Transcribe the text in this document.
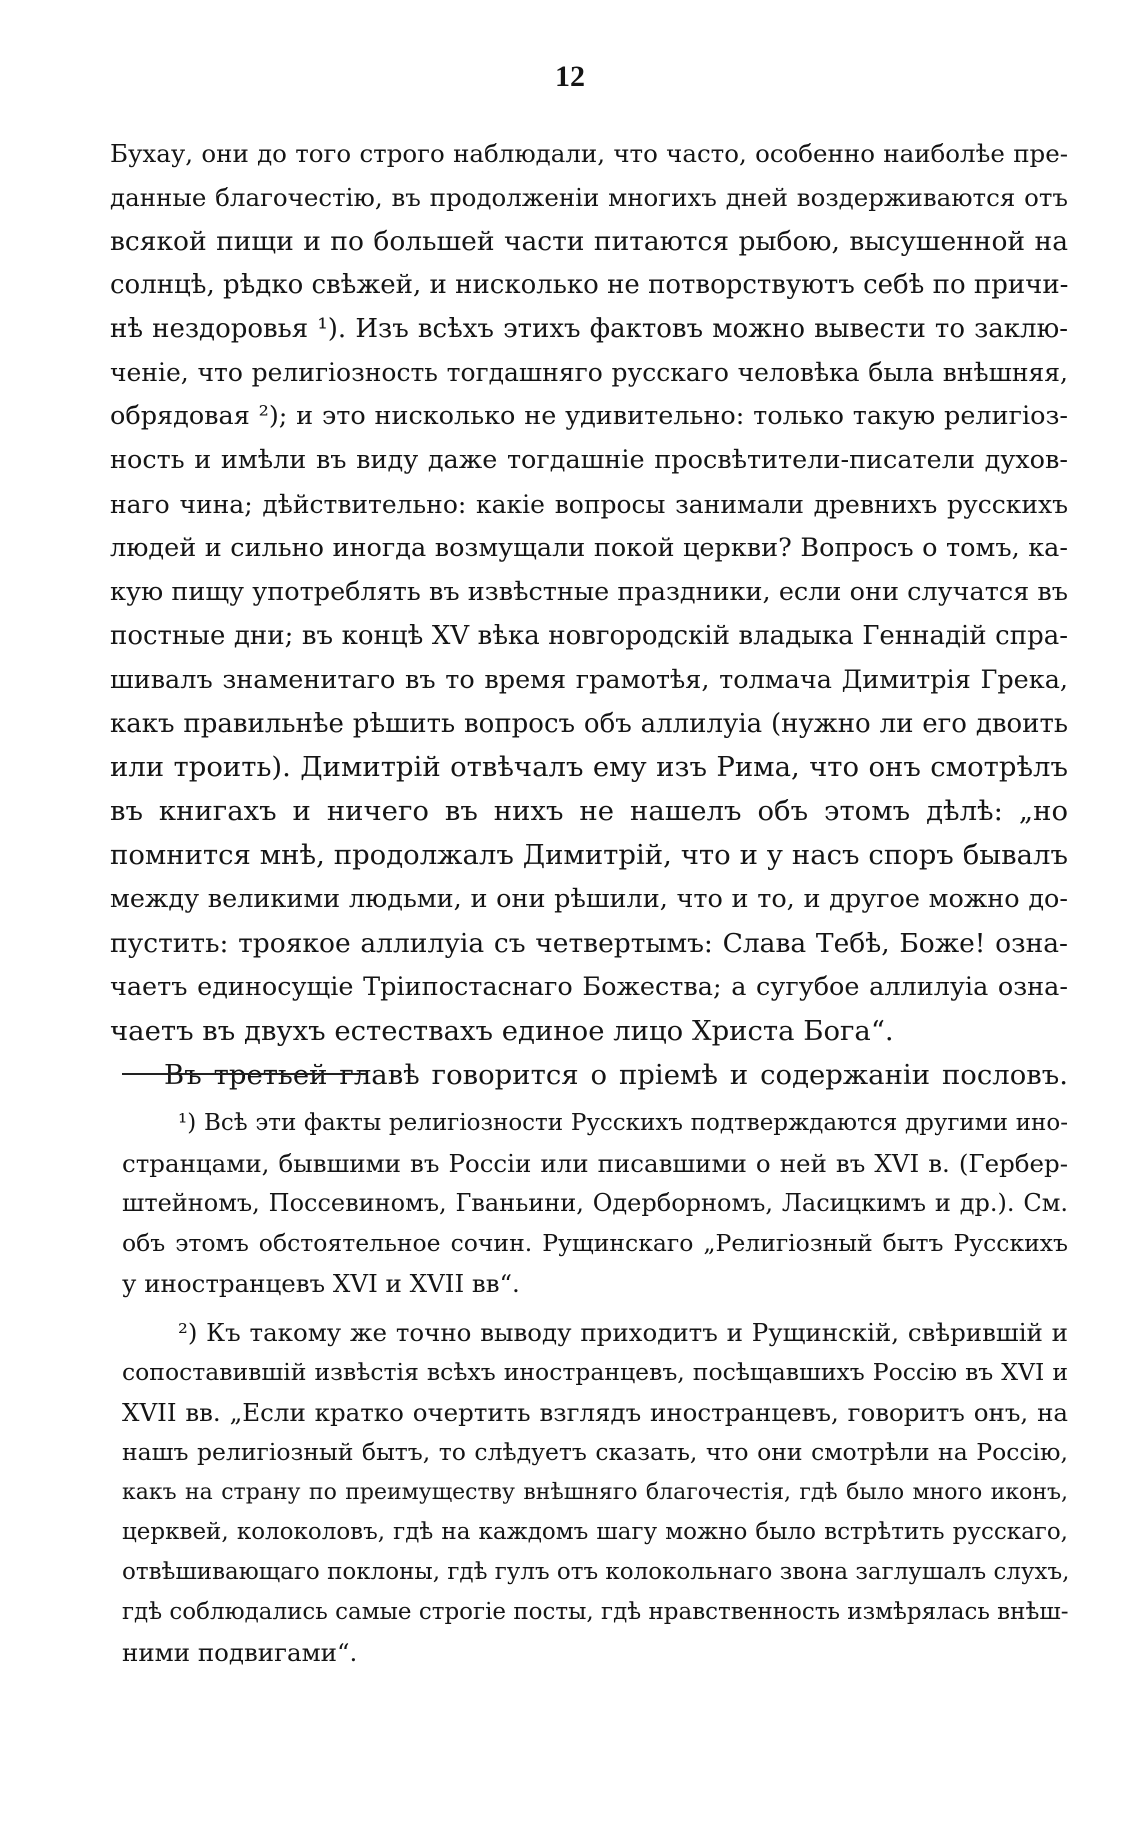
12
Бухау, они до того строго наблюдали, что часто, особенно наиболѣе пре-
данные благочестію, въ продолженіи многихъ дней воздерживаются отъ
всякой пищи и по большей части питаются рыбою, высушенной на
солнцѣ, рѣдко свѣжей, и нисколько не потворствуютъ себѣ по причи-
нѣ нездоровья ¹). Изъ всѣхъ этихъ фактовъ можно вывести то заклю-
ченіе, что религіозность тогдашняго русскаго человѣка была внѣшняя,
обрядовая ²); и это нисколько не удивительно: только такую религіоз-
ность и имѣли въ виду даже тогдашніе просвѣтители-писатели духов-
наго чина; дѣйствительно: какіе вопросы занимали древнихъ русскихъ
людей и сильно иногда возмущали покой церкви? Вопросъ о томъ, ка-
кую пищу употреблять въ извѣстные праздники, если они случатся въ
постные дни; въ концѣ XV вѣка новгородскій владыка Геннадій спра-
шивалъ знаменитаго въ то время грамотѣя, толмача Димитрія Грека,
какъ правильнѣе рѣшить вопросъ объ аллилуіа (нужно ли его двоить
или троить). Димитрій отвѣчалъ ему изъ Рима, что онъ смотрѣлъ
въ книгахъ и ничего въ нихъ не нашелъ объ этомъ дѣлѣ: „но
помнится мнѣ, продолжалъ Димитрій, что и у насъ споръ бывалъ
между великими людьми, и они рѣшили, что и то, и другое можно до-
пустить: троякое аллилуіа съ четвертымъ: Слава Тебѣ, Боже! озна-
чаетъ единосущіе Тріипостаснаго Божества; а сугубое аллилуіа озна-
чаетъ въ двухъ естествахъ единое лицо Христа Бога“.
Въ третьей главѣ говорится о пріемѣ и содержаніи пословъ.
¹) Всѣ эти факты религіозности Русскихъ подтверждаются другими ино-
странцами, бывшими въ Россіи или писавшими о ней въ XVI в. (Гербер-
штейномъ, Поссевиномъ, Гваньини, Одерборномъ, Ласицкимъ и др.). См.
объ этомъ обстоятельное сочин. Рущинскаго „Религіозный бытъ Русскихъ
у иностранцевъ XVI и XVII вв“.
²) Къ такому же точно выводу приходитъ и Рущинскій, свѣрившій и
сопоставившій извѣстія всѣхъ иностранцевъ, посѣщавшихъ Россію въ XVI и
XVII вв. „Если кратко очертить взглядъ иностранцевъ, говоритъ онъ, на
нашъ религіозный бытъ, то слѣдуетъ сказать, что они смотрѣли на Россію,
какъ на страну по преимуществу внѣшняго благочестія, гдѣ было много иконъ,
церквей, колоколовъ, гдѣ на каждомъ шагу можно было встрѣтить русскаго,
отвѣшивающаго поклоны, гдѣ гулъ отъ колокольнаго звона заглушалъ слухъ,
гдѣ соблюдались самые строгіе посты, гдѣ нравственность измѣрялась внѣш-
ними подвигами“.
